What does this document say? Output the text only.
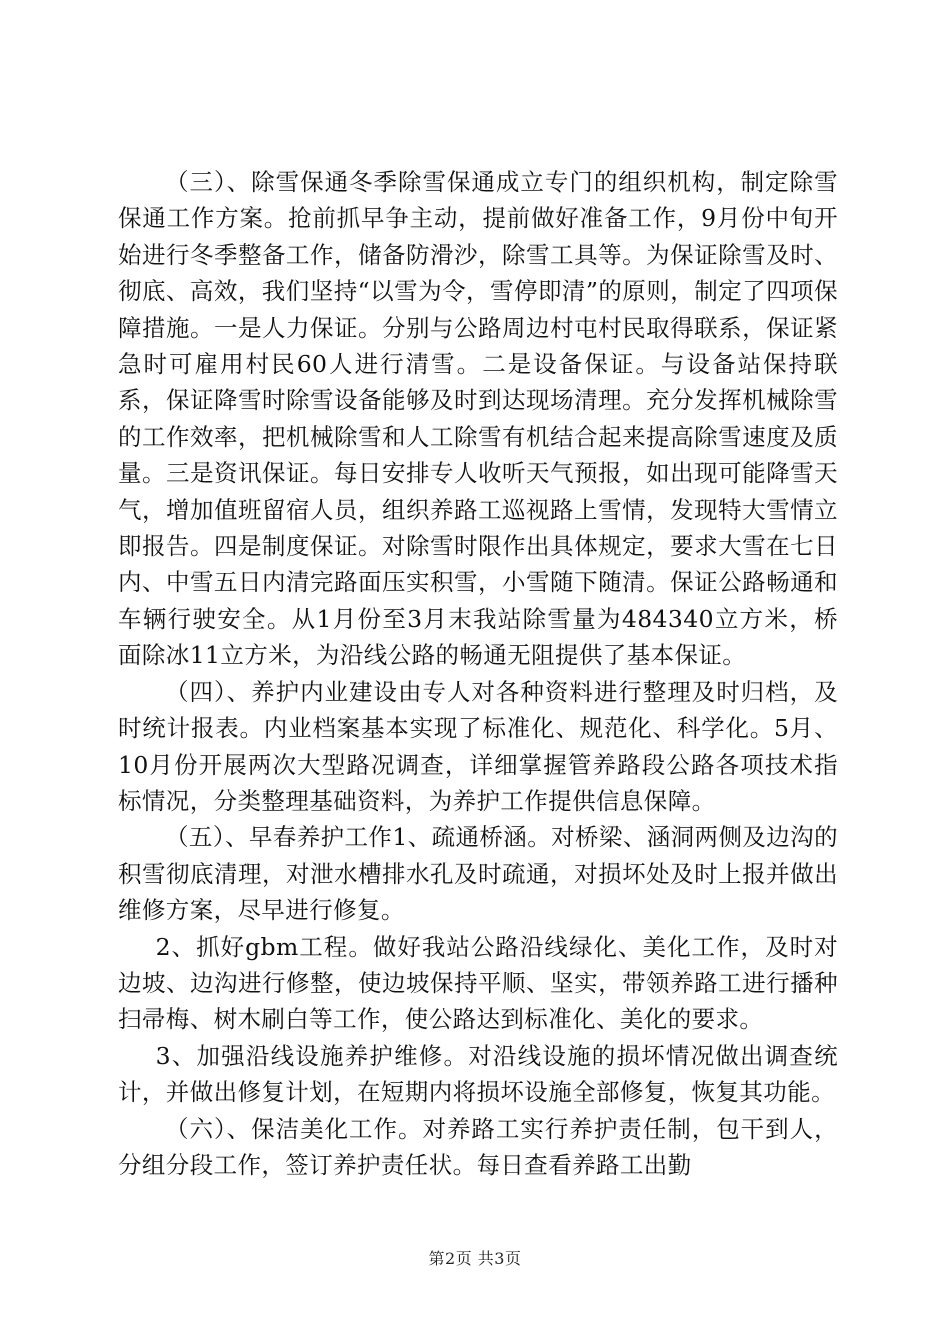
（三）、除雪保通冬季除雪保通成立专门的组织机构，制定除雪保通工作方案。抢前抓早争主动，提前做好准备工作，9月份中旬开始进行冬季整备工作，储备防滑沙，除雪工具等。为保证除雪及时、彻底、高效，我们坚持“以雪为令，雪停即清”的原则，制定了四项保障措施。一是人力保证。分别与公路周边村屯村民取得联系，保证紧急时可雇用村民60人进行清雪。二是设备保证。与设备站保持联系，保证降雪时除雪设备能够及时到达现场清理。充分发挥机械除雪的工作效率，把机械除雪和人工除雪有机结合起来提高除雪速度及质量。三是资讯保证。每日安排专人收听天气预报，如出现可能降雪天气，增加值班留宿人员，组织养路工巡视路上雪情，发现特大雪情立即报告。四是制度保证。对除雪时限作出具体规定，要求大雪在七日内、中雪五日内清完路面压实积雪，小雪随下随清。保证公路畅通和车辆行驶安全。从1月份至3月末我站除雪量为484340立方米，桥面除冰11立方米，为沿线公路的畅通无阻提供了基本保证。

（四）、养护内业建设由专人对各种资料进行整理及时归档，及时统计报表。内业档案基本实现了标准化、规范化、科学化。5月、10月份开展两次大型路况调查，详细掌握管养路段公路各项技术指标情况，分类整理基础资料，为养护工作提供信息保障。

（五）、早春养护工作1、疏通桥涵。对桥梁、涵洞两侧及边沟的积雪彻底清理，对泄水槽排水孔及时疏通，对损坏处及时上报并做出维修方案，尽早进行修复。

2、抓好gbm工程。做好我站公路沿线绿化、美化工作，及时对边坡、边沟进行修整，使边坡保持平顺、坚实，带领养路工进行播种扫帚梅、树木刷白等工作，使公路达到标准化、美化的要求。

3、加强沿线设施养护维修。对沿线设施的损坏情况做出调查统计，并做出修复计划，在短期内将损坏设施全部修复，恢复其功能。

（六）、保洁美化工作。对养路工实行养护责任制，包干到人，分组分段工作，签订养护责任状。每日查看养路工出勤

第2页 共3页
